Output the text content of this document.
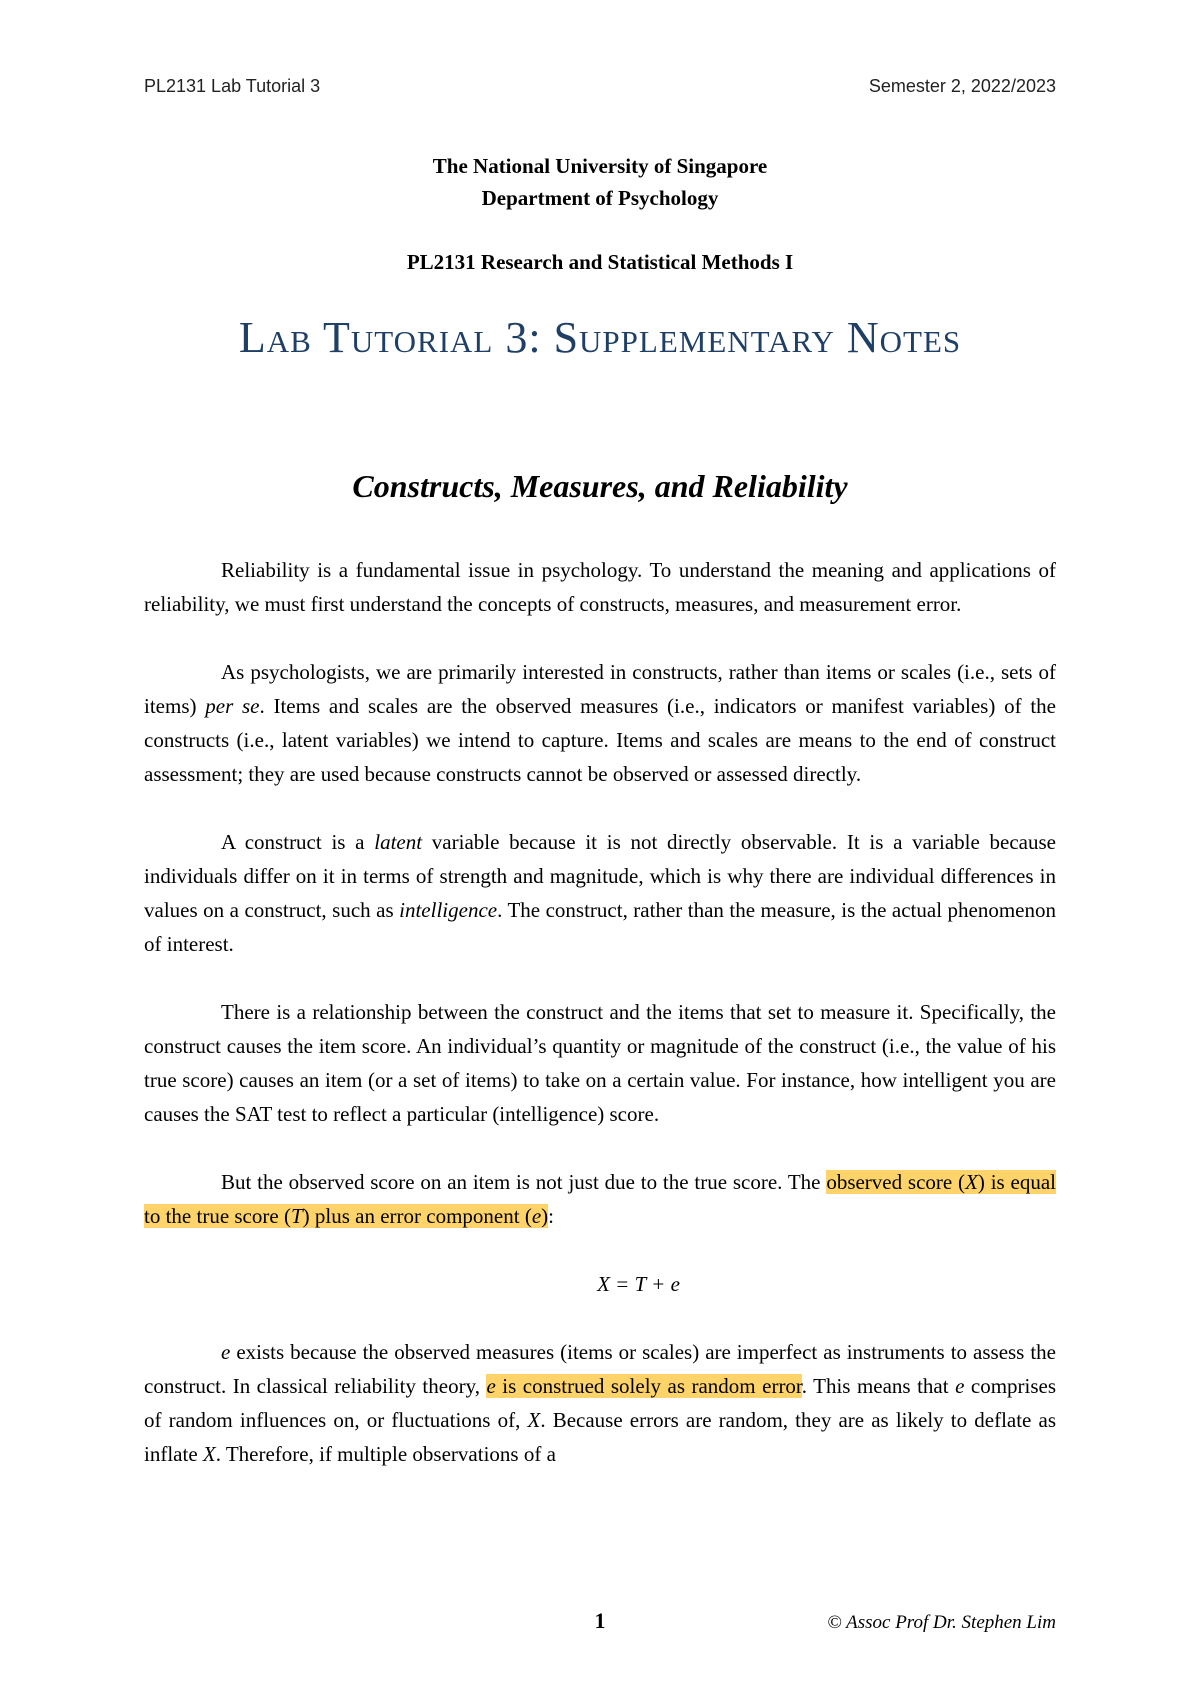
PL2131 Lab Tutorial 3	Semester 2, 2022/2023
The National University of Singapore
Department of Psychology
PL2131 Research and Statistical Methods I
Lab Tutorial 3: Supplementary Notes
Constructs, Measures, and Reliability

Reliability is a fundamental issue in psychology. To understand the meaning and applications of reliability, we must first understand the concepts of constructs, measures, and measurement error.

As psychologists, we are primarily interested in constructs, rather than items or scales (i.e., sets of items) per se. Items and scales are the observed measures (i.e., indicators or manifest variables) of the constructs (i.e., latent variables) we intend to capture. Items and scales are means to the end of construct assessment; they are used because constructs cannot be observed or assessed directly.

A construct is a latent variable because it is not directly observable. It is a variable because individuals differ on it in terms of strength and magnitude, which is why there are individual differences in values on a construct, such as intelligence. The construct, rather than the measure, is the actual phenomenon of interest.

There is a relationship between the construct and the items that set to measure it. Specifically, the construct causes the item score. An individual’s quantity or magnitude of the construct (i.e., the value of his true score) causes an item (or a set of items) to take on a certain value. For instance, how intelligent you are causes the SAT test to reflect a particular (intelligence) score.

But the observed score on an item is not just due to the true score. The observed score (X) is equal to the true score (T) plus an error component (e):

X = T + e

e exists because the observed measures (items or scales) are imperfect as instruments to assess the construct. In classical reliability theory, e is construed solely as random error. This means that e comprises of random influences on, or fluctuations of, X. Because errors are random, they are as likely to deflate as inflate X. Therefore, if multiple observations of a

1	© Assoc Prof Dr. Stephen Lim
